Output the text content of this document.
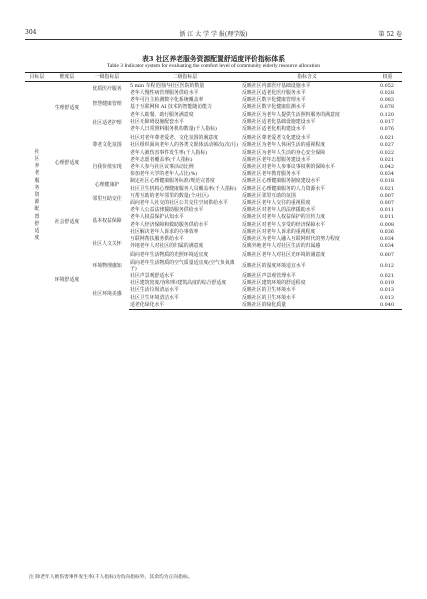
304	浙 江 大 学 学 报(理学版)	第 52 卷
表3 社区养老服务资源配置舒适度评价指标体系
Table 3 Indicator system for evaluating the comfort level of community elderly resource allocation
目标层	维度层	一级指标层	二级指标层	指标含义	权重
社区养老服务资源配置舒适度	生理舒适度	优质医疗服务	5 min 车程范围内社区医院的数量	反映社区内部医疗基础设施水平	0.052
			老年人慢性病管理服务供给水平	反映社区适老化医疗服务水平	0.028
		智慧健康管理	老年可自主检测数字化系统覆盖率	反映社区数字化健康管理水平	0.083
			基于互联网和 AI 技术的智能随访能力	反映社区数字化健康监测水平	0.078
		社区适老护理	老年人助餐、助行服务满意度	反映社区为老年人提供生活照料服务的满意度	0.120
			社区无障碍设施配套水平	反映社区适老化基础设施建设水平	0.017
			老年人日常照料服务机构数量(千人指标)	反映社区适老化机构建设水平	0.076

	心理舒适度	尊老文化氛围	社区对老年尊老爱老、文化氛围的满意度	反映社区尊老爱老文化建设水平	0.021
			社区组织面向老年人的各类文娱体活动频次(次/月)	反映社区为老年人休闲生活的重视程度	0.027
			老年人被伤害事件发生率(千人指标)	反映社区为老年人生活的身心安全保障	0.022
		自我价值实现	老年志愿者覆盖率(千人指标)	反映社区老年志愿服务建设水平	0.021
			老年人参与社区议事活动比例	反映社区对老年人参事议事权利的保障水平	0.042
			参加老年大学的老年人占比(%)	反映社区老年教育服务水平	0.034
		心理健康护	制定社区心理健康服务标准/规范完善度	反映社区心理健康服务制度建设水平	0.018
			社区卫生机构心理健康服务人员覆盖率(千人指标)	反映社区心理健康服务的人力资源水平	0.021
	社会舒适度	邻里互助交往	互帮互助的老年邻里的数量(个/社区)	反映社区邻里互助的氛围	0.007
			面向老年人社交的社区公共交往空间供给水平	反映社区老年人交往的重视程度	0.007
		基本权益保障	老年人公益法律援助服务供给水平	反映社区对老年人的法律援助水平	0.011
			老年人权益保护认知水平	反映社区对老年人权益保护的宣传力度	0.011
			老年人经济保障和救助服务供给水平	反映社区对老年人享受的经济保障水平	0.008
			社区解决老年人诉求的办事效率	反映社区对老年人诉求的重视程度	0.036
		社区人文关怀	互联网帮扶服务供给水平	反映社区为老年人融入互联网时代的努力程度	0.034
			外地老年人对社区的归属的满意度	反映外地老年人对社区生活的归属感	0.034

	环境舒适度	环境物理感知	面向老年生活物质的光照环境适宜度	反映社区老年人对社区光环境的满意度	0.007
			面向老年生活物质的空气质量适宜度(空气负氧离子)	反映社区的湿度环境适宜水平	0.012
			社区声景观舒适水平	反映社区声景观管理水平	0.021
		社区环境美感	社区建筑密度/容积率/建筑高度的综合舒适度	反映社区建筑环境的舒适程度	0.019
			社区生活垃圾清运水平	反映社区的卫生环境水平	0.013
			社区卫生环境清洁水平	反映社区的卫生环境水平	0.013
			适老化绿化水平	反映社区的绿化质量	0.040
注 除老年人被伤害事件发生率(千人指标)为负向指标外，其余均为正向指标。
